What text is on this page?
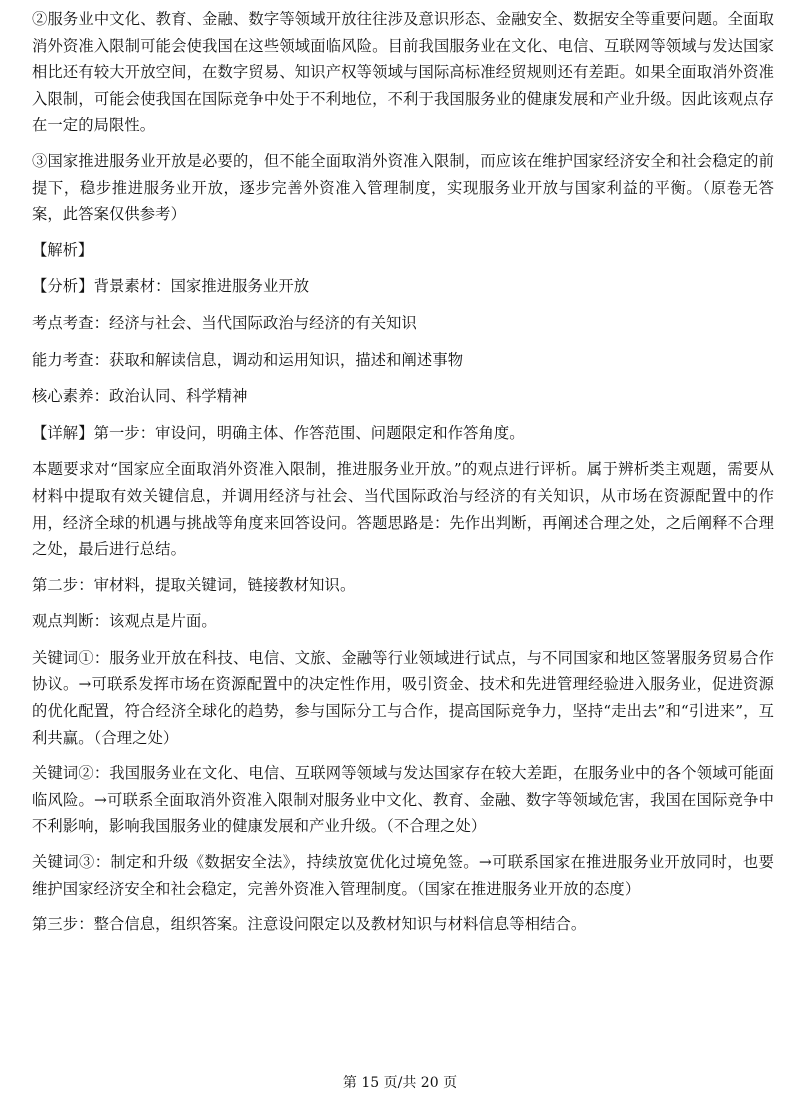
②服务业中文化、教育、金融、数字等领域开放往往涉及意识形态、金融安全、数据安全等重要问题。全面取消外资准入限制可能会使我国在这些领域面临风险。目前我国服务业在文化、电信、互联网等领域与发达国家相比还有较大开放空间，在数字贸易、知识产权等领域与国际高标准经贸规则还有差距。如果全面取消外资准入限制，可能会使我国在国际竞争中处于不利地位，不利于我国服务业的健康发展和产业升级。因此该观点存在一定的局限性。

③国家推进服务业开放是必要的，但不能全面取消外资准入限制，而应该在维护国家经济安全和社会稳定的前提下，稳步推进服务业开放，逐步完善外资准入管理制度，实现服务业开放与国家利益的平衡。（原卷无答案，此答案仅供参考）

【解析】

【分析】背景素材：国家推进服务业开放

考点考查：经济与社会、当代国际政治与经济的有关知识

能力考查：获取和解读信息，调动和运用知识，描述和阐述事物

核心素养：政治认同、科学精神

【详解】第一步：审设问，明确主体、作答范围、问题限定和作答角度。

本题要求对“国家应全面取消外资准入限制，推进服务业开放。”的观点进行评析。属于辨析类主观题，需要从材料中提取有效关键信息，并调用经济与社会、当代国际政治与经济的有关知识，从市场在资源配置中的作用，经济全球的机遇与挑战等角度来回答设问。答题思路是：先作出判断，再阐述合理之处，之后阐释不合理之处，最后进行总结。

第二步：审材料，提取关键词，链接教材知识。

观点判断：该观点是片面。

关键词①：服务业开放在科技、电信、文旅、金融等行业领域进行试点，与不同国家和地区签署服务贸易合作协议。→可联系发挥市场在资源配置中的决定性作用，吸引资金、技术和先进管理经验进入服务业，促进资源的优化配置，符合经济全球化的趋势，参与国际分工与合作，提高国际竞争力，坚持“走出去”和“引进来”，互利共赢。（合理之处）

关键词②：我国服务业在文化、电信、互联网等领域与发达国家存在较大差距，在服务业中的各个领域可能面临风险。→可联系全面取消外资准入限制对服务业中文化、教育、金融、数字等领域危害，我国在国际竞争中不利影响，影响我国服务业的健康发展和产业升级。（不合理之处）

关键词③：制定和升级《数据安全法》，持续放宽优化过境免签。→可联系国家在推进服务业开放同时，也要维护国家经济安全和社会稳定，完善外资准入管理制度。（国家在推进服务业开放的态度）

第三步：整合信息，组织答案。注意设问限定以及教材知识与材料信息等相结合。

第 15 页/共 20 页
